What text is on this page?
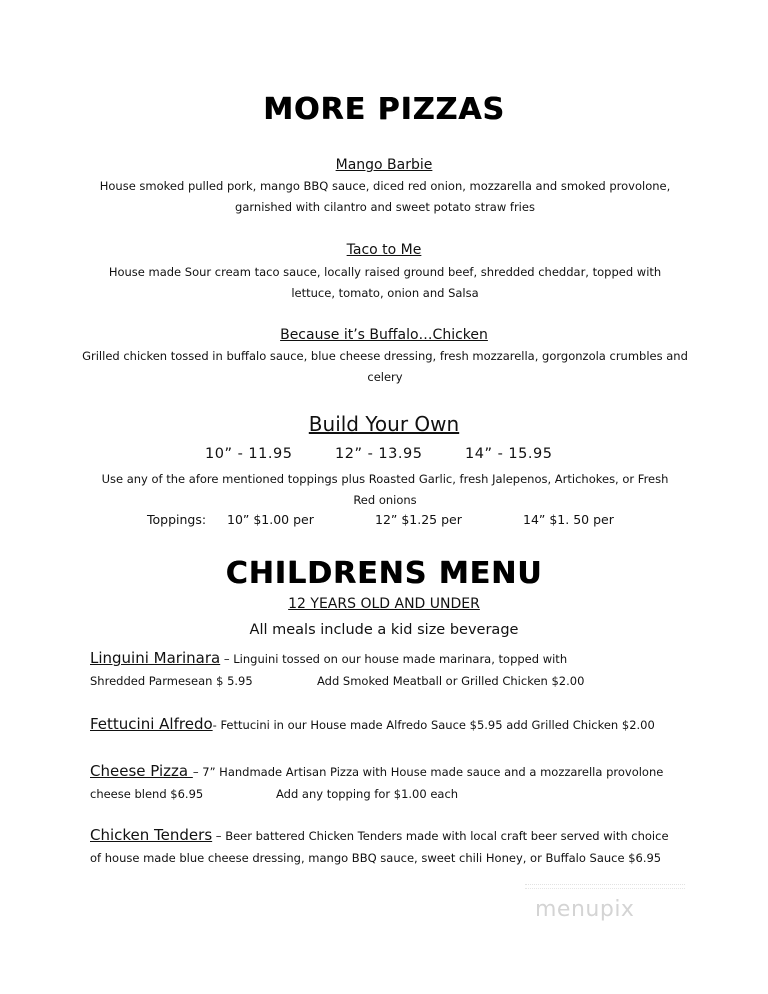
MORE PIZZAS
Mango Barbie
House smoked pulled pork, mango BBQ sauce, diced red onion, mozzarella and smoked provolone,
garnished with cilantro and sweet potato straw fries
Taco to Me
House made Sour cream taco sauce, locally raised ground beef, shredded cheddar, topped with
lettuce, tomato, onion and Salsa
Because it’s Buffalo…Chicken
Grilled chicken tossed in buffalo sauce, blue cheese dressing, fresh mozzarella, gorgonzola crumbles and
celery
Build Your Own
10” - 11.95	12” - 13.95	14” - 15.95
Use any of the afore mentioned toppings plus Roasted Garlic, fresh Jalepenos, Artichokes, or Fresh
Red onions
Toppings: 10” $1.00 per	12” $1.25 per	14” $1. 50 per
CHILDRENS MENU
12 YEARS OLD AND UNDER
All meals include a kid size beverage
Linguini Marinara – Linguini tossed on our house made marinara, topped with
Shredded Parmesean $ 5.95	Add Smoked Meatball or Grilled Chicken $2.00
Fettucini Alfredo- Fettucini in our House made Alfredo Sauce $5.95 add Grilled Chicken $2.00
Cheese Pizza – 7” Handmade Artisan Pizza with House made sauce and a mozzarella provolone
cheese blend $6.95	Add any topping for $1.00 each
Chicken Tenders – Beer battered Chicken Tenders made with local craft beer served with choice
of house made blue cheese dressing, mango BBQ sauce, sweet chili Honey, or Buffalo Sauce $6.95
menupix
